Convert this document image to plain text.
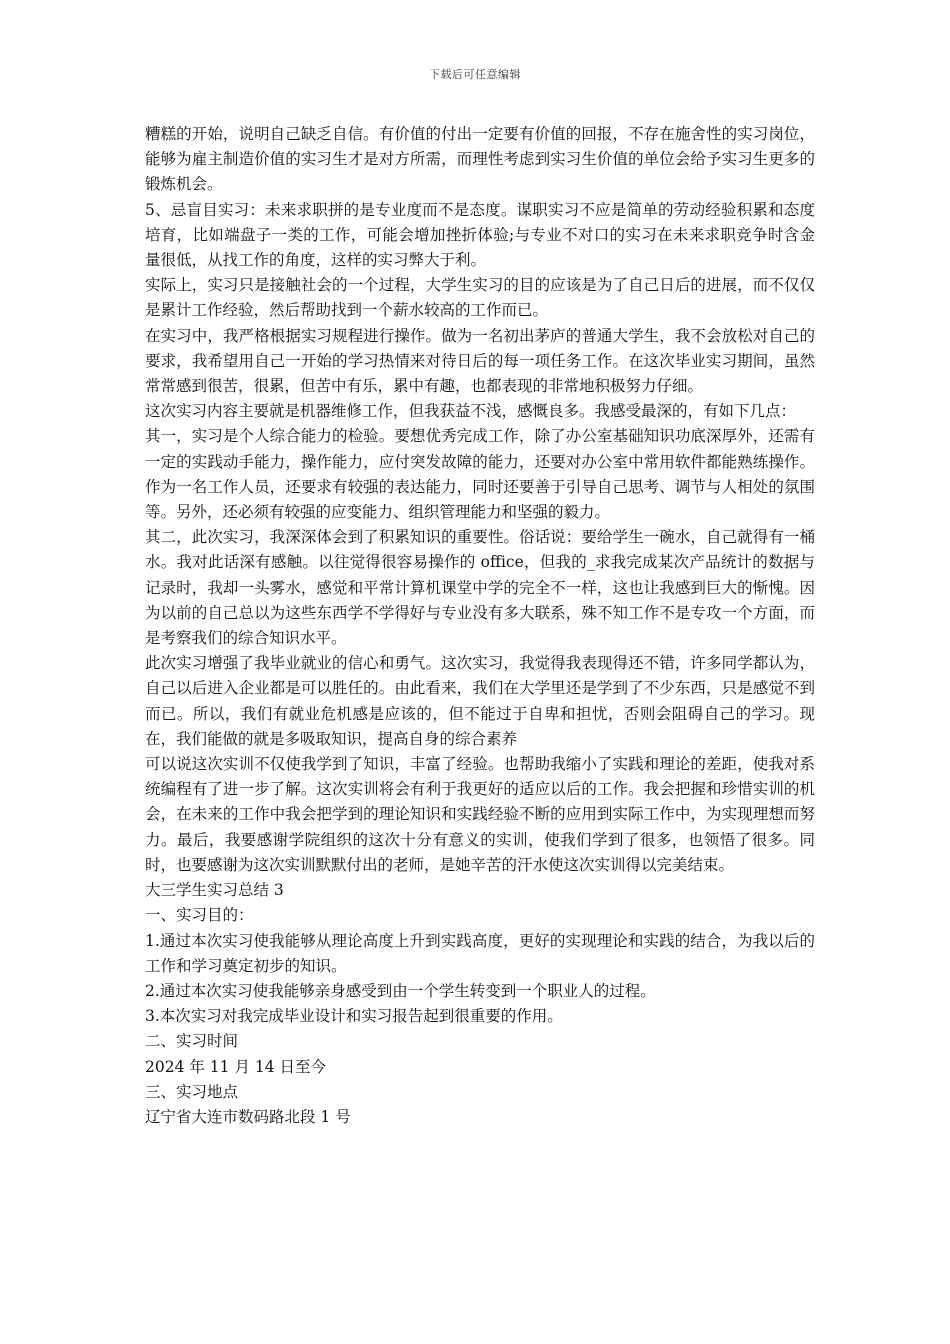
下载后可任意编辑

糟糕的开始，说明自己缺乏自信。有价值的付出一定要有价值的回报，不存在施舍性的实习岗位，能够为雇主制造价值的实习生才是对方所需，而理性考虑到实习生价值的单位会给予实习生更多的锻炼机会。

5、忌盲目实习：未来求职拼的是专业度而不是态度。谋职实习不应是简单的劳动经验积累和态度培育，比如端盘子一类的工作，可能会增加挫折体验;与专业不对口的实习在未来求职竞争时含金量很低，从找工作的角度，这样的实习弊大于利。

实际上，实习只是接触社会的一个过程，大学生实习的目的应该是为了自己日后的进展，而不仅仅是累计工作经验，然后帮助找到一个薪水较高的工作而已。

在实习中，我严格根据实习规程进行操作。做为一名初出茅庐的普通大学生，我不会放松对自己的要求，我希望用自己一开始的学习热情来对待日后的每一项任务工作。在这次毕业实习期间，虽然常常感到很苦，很累，但苦中有乐，累中有趣，也都表现的非常地积极努力仔细。

这次实习内容主要就是机器维修工作，但我获益不浅，感慨良多。我感受最深的，有如下几点：

其一，实习是个人综合能力的检验。要想优秀完成工作，除了办公室基础知识功底深厚外，还需有一定的实践动手能力，操作能力，应付突发故障的能力，还要对办公室中常用软件都能熟练操作。作为一名工作人员，还要求有较强的表达能力，同时还要善于引导自己思考、调节与人相处的氛围等。另外，还必须有较强的应变能力、组织管理能力和坚强的毅力。

其二，此次实习，我深深体会到了积累知识的重要性。俗话说：要给学生一碗水，自己就得有一桶水。我对此话深有感触。以往觉得很容易操作的 office，但我的_求我完成某次产品统计的数据与记录时，我却一头雾水，感觉和平常计算机课堂中学的完全不一样，这也让我感到巨大的惭愧。因为以前的自己总以为这些东西学不学得好与专业没有多大联系，殊不知工作不是专攻一个方面，而是考察我们的综合知识水平。

此次实习增强了我毕业就业的信心和勇气。这次实习，我觉得我表现得还不错，许多同学都认为，自己以后进入企业都是可以胜任的。由此看来，我们在大学里还是学到了不少东西，只是感觉不到而已。所以，我们有就业危机感是应该的，但不能过于自卑和担忧，否则会阻碍自己的学习。现在，我们能做的就是多吸取知识，提高自身的综合素养

可以说这次实训不仅使我学到了知识，丰富了经验。也帮助我缩小了实践和理论的差距，使我对系统编程有了进一步了解。这次实训将会有利于我更好的适应以后的工作。我会把握和珍惜实训的机会，在未来的工作中我会把学到的理论知识和实践经验不断的应用到实际工作中，为实现理想而努力。最后，我要感谢学院组织的这次十分有意义的实训，使我们学到了很多，也领悟了很多。同时，也要感谢为这次实训默默付出的老师，是她辛苦的汗水使这次实训得以完美结束。

大三学生实习总结 3

一、实习目的：

1.通过本次实习使我能够从理论高度上升到实践高度，更好的实现理论和实践的结合，为我以后的工作和学习奠定初步的知识。

2.通过本次实习使我能够亲身感受到由一个学生转变到一个职业人的过程。

3.本次实习对我完成毕业设计和实习报告起到很重要的作用。

二、实习时间

2024 年 11 月 14 日至今

三、实习地点

辽宁省大连市数码路北段 1 号
